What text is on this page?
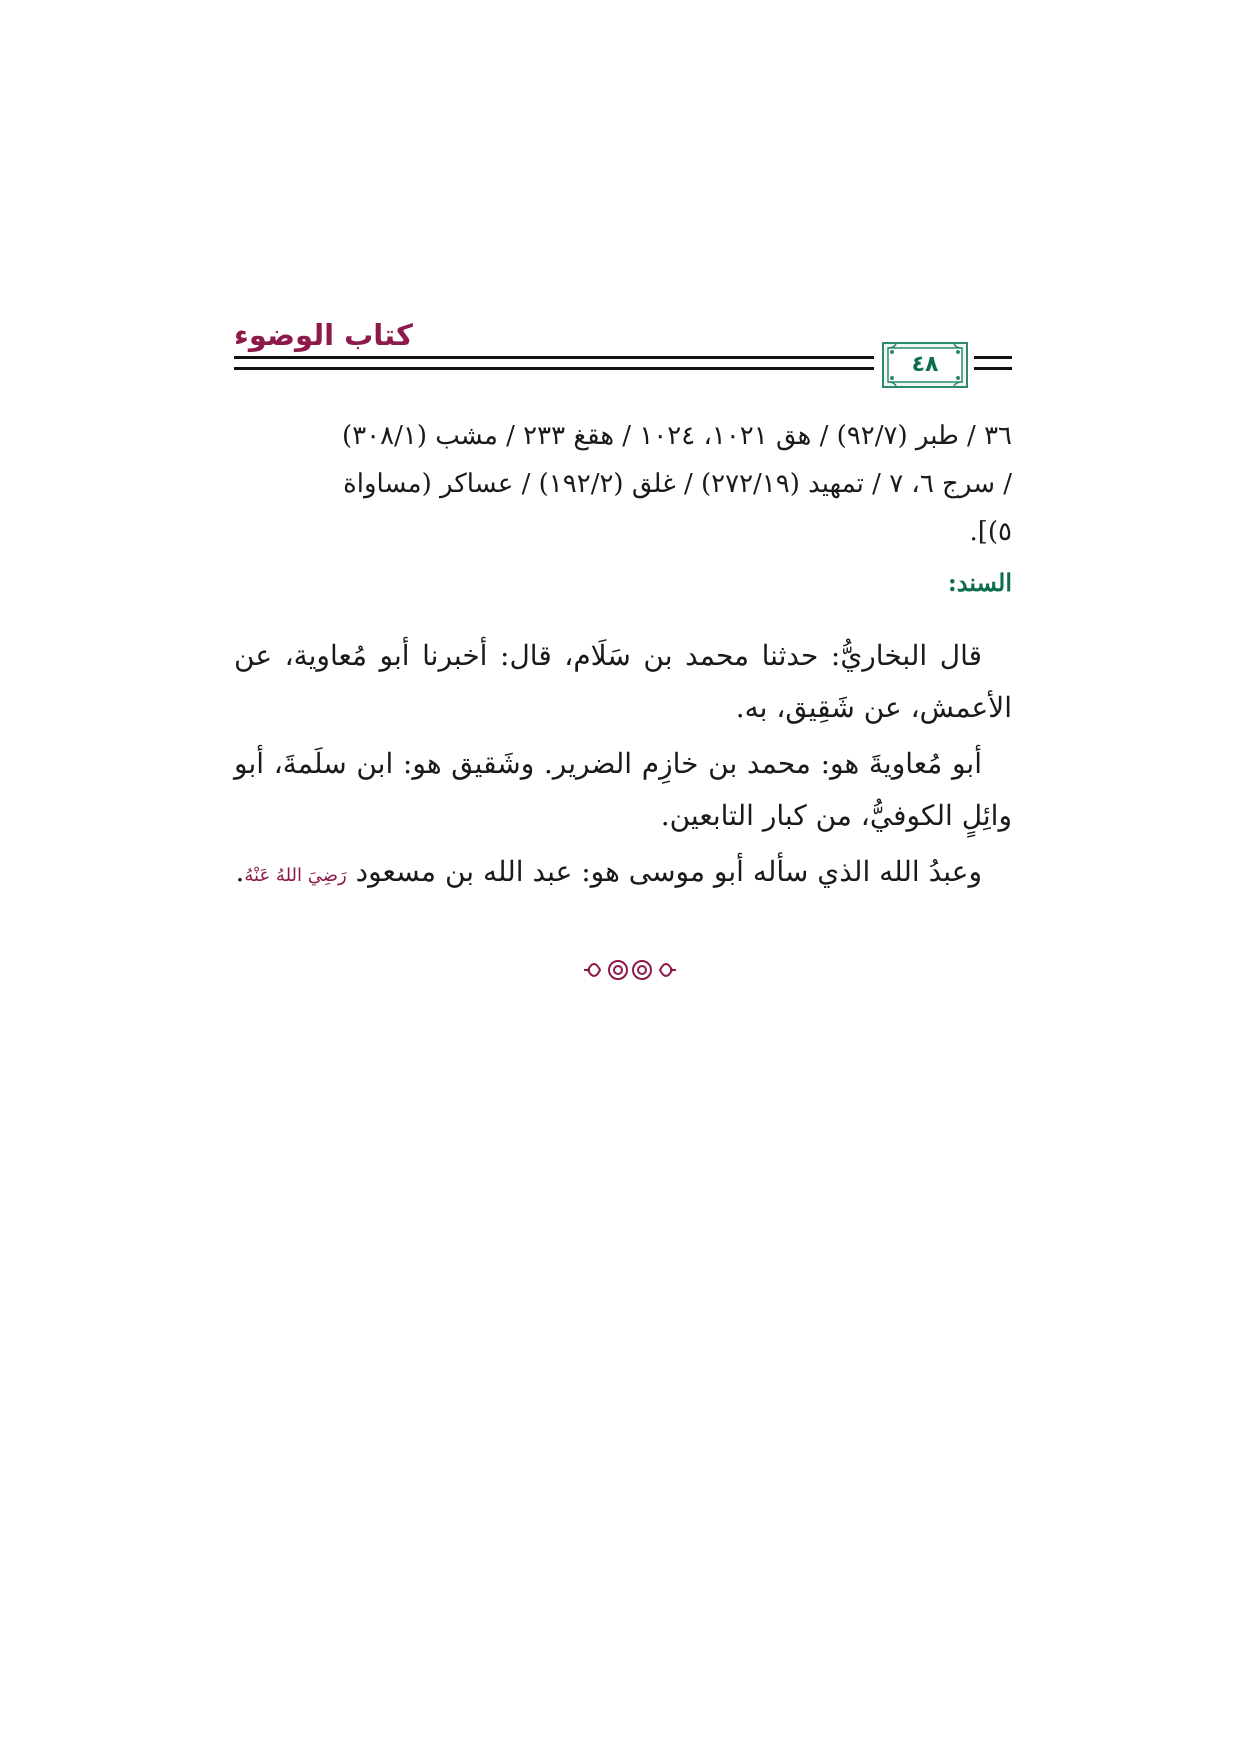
كتاب الوضوء
٤٨

٣٦ / طبر (٩٢/٧) / هق ١٠٢١، ١٠٢٤ / هقغ ٢٣٣ / مشب (٣٠٨/١)

/ سرج ٦، ٧ / تمهيد (٢٧٢/١٩) / غلق (١٩٢/٢) / عساكر (مساواة

٥)].

السند:
قال البخاريُّ: حدثنا محمد بن سَلَام، قال: أخبرنا أبو مُعاوية، عن الأعمش، عن شَقِيق، به.
أبو مُعاويةَ هو: محمد بن خازِم الضرير. وشَقيق هو: ابن سلَمةَ، أبو وائِلٍ الكوفيُّ، من كبار التابعين.
وعبدُ الله الذي سأله أبو موسى هو: عبد الله بن مسعود رَضِيَ اللهُ عَنْهُ.
